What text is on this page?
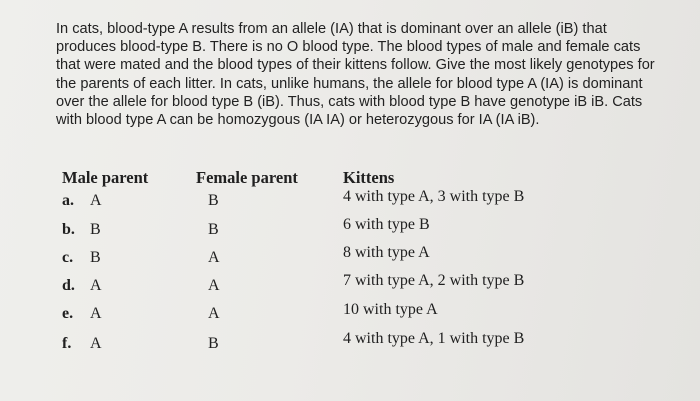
In cats, blood-type A results from an allele (IA) that is dominant over an allele (iB) that produces blood-type B. There is no O blood type. The blood types of male and female cats that were mated and the blood types of their kittens follow. Give the most likely genotypes for the parents of each litter. In cats, unlike humans, the allele for blood type A (IA) is dominant over the allele for blood type B (iB). Thus, cats with blood type B have genotype iB iB. Cats with blood type A can be homozygous (IA IA) or heterozygous for IA (IA iB).

Male parent	Female parent	Kittens
a. A	B	4 with type A, 3 with type B
b. B	B	6 with type B
c. B	A	8 with type A
d. A	A	7 with type A, 2 with type B
e. A	A	10 with type A
f. A	B	4 with type A, 1 with type B
